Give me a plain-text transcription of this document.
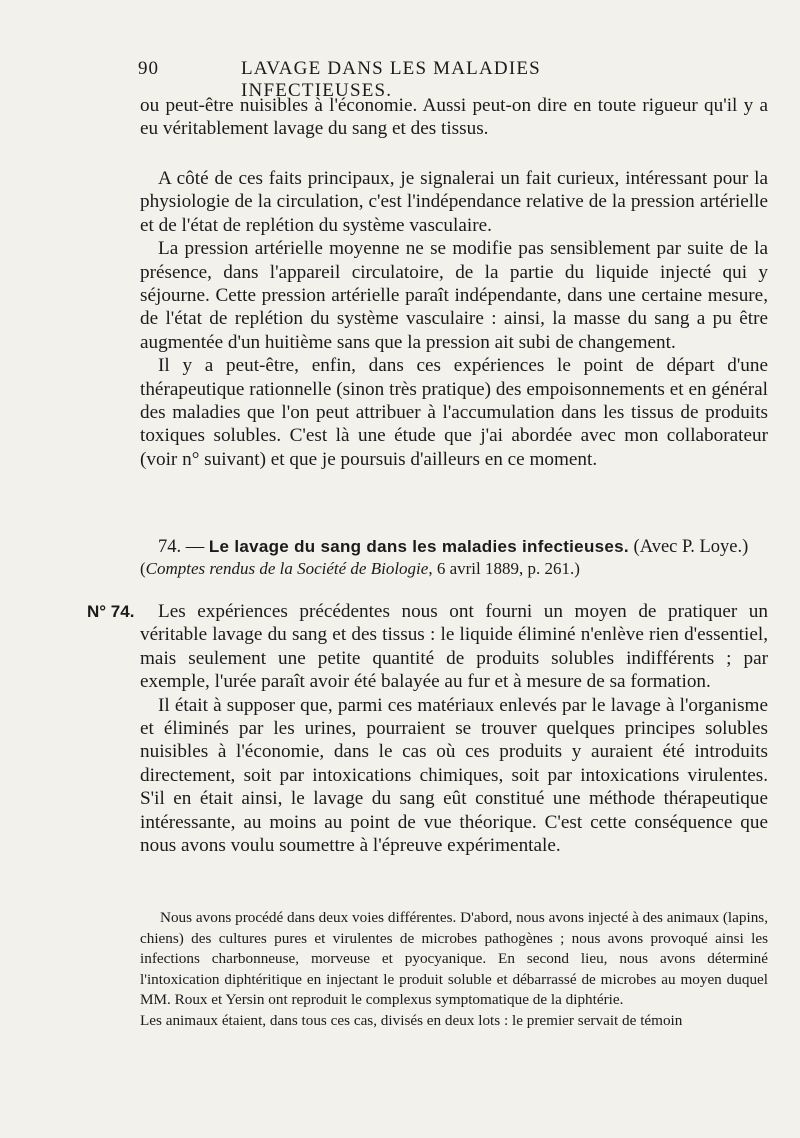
90	LAVAGE DANS LES MALADIES INFECTIEUSES.

ou peut-être nuisibles à l'économie. Aussi peut-on dire en toute rigueur qu'il y a eu véritablement lavage du sang et des tissus.

A côté de ces faits principaux, je signalerai un fait curieux, intéressant pour la physiologie de la circulation, c'est l'indépendance relative de la pression artérielle et de l'état de replétion du système vasculaire.

La pression artérielle moyenne ne se modifie pas sensiblement par suite de la présence, dans l'appareil circulatoire, de la partie du liquide injecté qui y séjourne. Cette pression artérielle paraît indépendante, dans une certaine mesure, de l'état de replétion du système vasculaire : ainsi, la masse du sang a pu être augmentée d'un huitième sans que la pression ait subi de changement.

Il y a peut-être, enfin, dans ces expériences le point de départ d'une thérapeutique rationnelle (sinon très pratique) des empoisonnements et en général des maladies que l'on peut attribuer à l'accumulation dans les tissus de produits toxiques solubles. C'est là une étude que j'ai abordée avec mon collaborateur (voir n° suivant) et que je poursuis d'ailleurs en ce moment.

74. — Le lavage du sang dans les maladies infectieuses. (Avec P. Loye.)
(Comptes rendus de la Société de Biologie, 6 avril 1889, p. 261.)
N° 74.	Les expériences précédentes nous ont fourni un moyen de pratiquer un véritable lavage du sang et des tissus : le liquide éliminé n'enlève rien d'essentiel, mais seulement une petite quantité de produits solubles indifférents ; par exemple, l'urée paraît avoir été balayée au fur et à mesure de sa formation.

Il était à supposer que, parmi ces matériaux enlevés par le lavage à l'organisme et éliminés par les urines, pourraient se trouver quelques principes solubles nuisibles à l'économie, dans le cas où ces produits y auraient été introduits directement, soit par intoxications chimiques, soit par intoxications virulentes. S'il en était ainsi, le lavage du sang eût constitué une méthode thérapeutique intéressante, au moins au point de vue théorique. C'est cette conséquence que nous avons voulu soumettre à l'épreuve expérimentale.

Nous avons procédé dans deux voies différentes. D'abord, nous avons injecté à des animaux (lapins, chiens) des cultures pures et virulentes de microbes pathogènes ; nous avons provoqué ainsi les infections charbonneuse, morveuse et pyocyanique. En second lieu, nous avons déterminé l'intoxication diphtéritique en injectant le produit soluble et débarrassé de microbes au moyen duquel MM. Roux et Yersin ont reproduit le complexus symptomatique de la diphtérie.

Les animaux étaient, dans tous ces cas, divisés en deux lots : le premier servait de témoin
